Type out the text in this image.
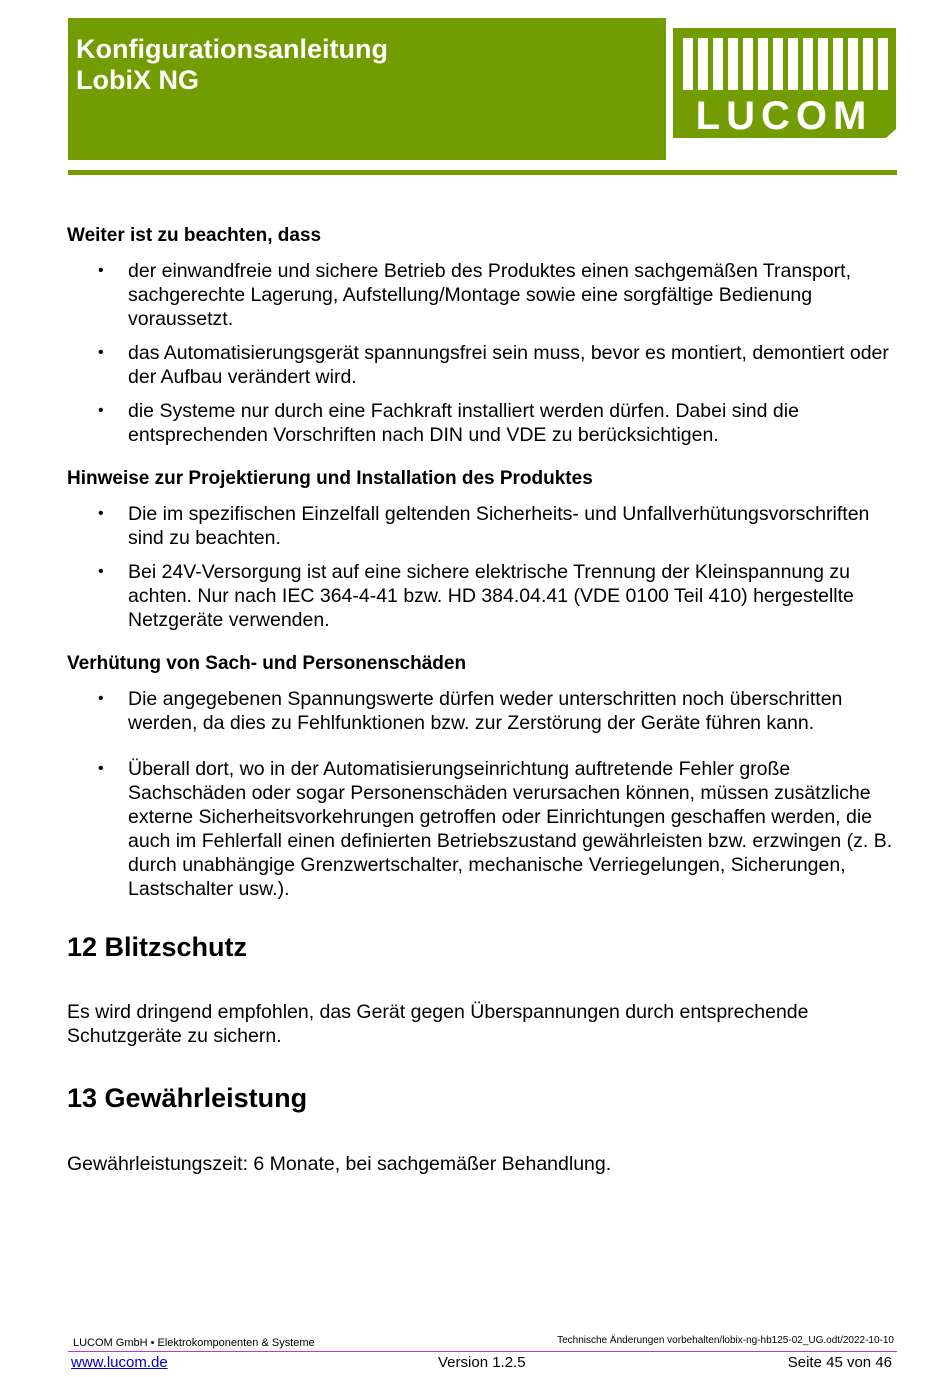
Konfigurationsanleitung
LobiX NG
LUCOM
Weiter ist zu beachten, dass
• der einwandfreie und sichere Betrieb des Produktes einen sachgemäßen Transport, sachgerechte Lagerung, Aufstellung/Montage sowie eine sorgfältige Bedienung voraussetzt.
• das Automatisierungsgerät spannungsfrei sein muss, bevor es montiert, demontiert oder der Aufbau verändert wird.
• die Systeme nur durch eine Fachkraft installiert werden dürfen. Dabei sind die entsprechenden Vorschriften nach DIN und VDE zu berücksichtigen.
Hinweise zur Projektierung und Installation des Produktes
• Die im spezifischen Einzelfall geltenden Sicherheits- und Unfallverhütungsvorschriften sind zu beachten.
• Bei 24V-Versorgung ist auf eine sichere elektrische Trennung der Kleinspannung zu achten. Nur nach IEC 364-4-41 bzw. HD 384.04.41 (VDE 0100 Teil 410) hergestellte Netzgeräte verwenden.
Verhütung von Sach- und Personenschäden
• Die angegebenen Spannungswerte dürfen weder unterschritten noch überschritten werden, da dies zu Fehlfunktionen bzw. zur Zerstörung der Geräte führen kann.
• Überall dort, wo in der Automatisierungseinrichtung auftretende Fehler große Sachschäden oder sogar Personenschäden verursachen können, müssen zusätzliche externe Sicherheitsvorkehrungen getroffen oder Einrichtungen geschaffen werden, die auch im Fehlerfall einen definierten Betriebszustand gewährleisten bzw. erzwingen (z. B. durch unabhängige Grenzwertschalter, mechanische Verriegelungen, Sicherungen, Lastschalter usw.).
12 Blitzschutz
Es wird dringend empfohlen, das Gerät gegen Überspannungen durch entsprechende Schutzgeräte zu sichern.
13 Gewährleistung
Gewährleistungszeit: 6 Monate, bei sachgemäßer Behandlung.
LUCOM GmbH • Elektrokomponenten & Systeme	Technische Änderungen vorbehalten/lobix-ng-hb125-02_UG.odt/2022-10-10
www.lucom.de	Version 1.2.5	Seite 45 von 46
